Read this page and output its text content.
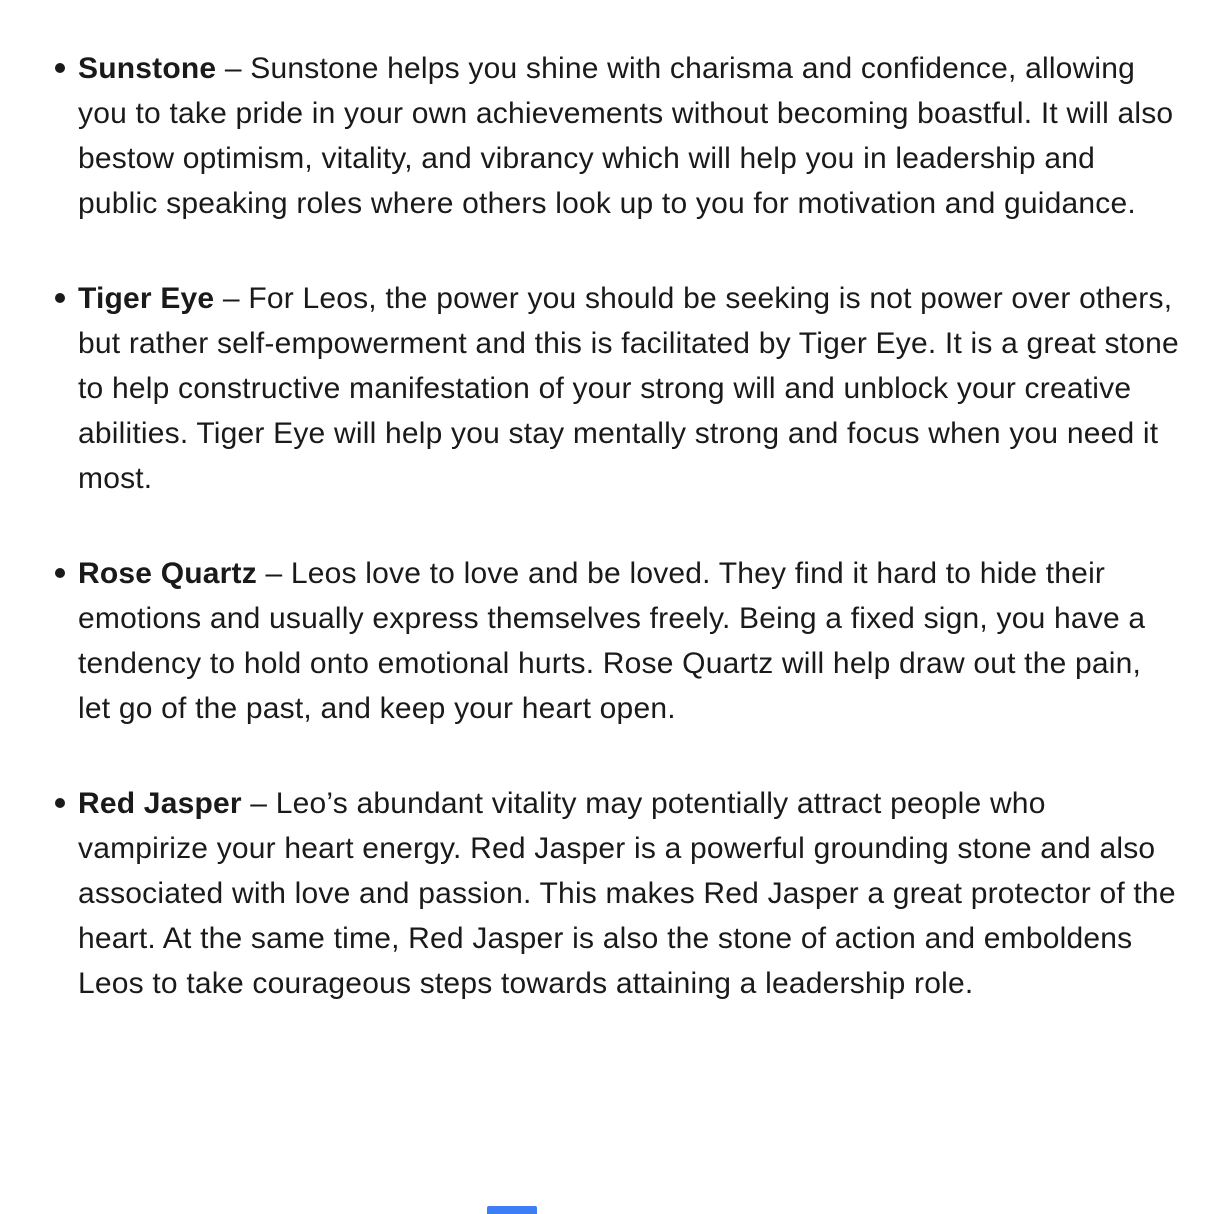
Sunstone – Sunstone helps you shine with charisma and confidence, allowing you to take pride in your own achievements without becoming boastful. It will also bestow optimism, vitality, and vibrancy which will help you in leadership and public speaking roles where others look up to you for motivation and guidance.
Tiger Eye – For Leos, the power you should be seeking is not power over others, but rather self-empowerment and this is facilitated by Tiger Eye. It is a great stone to help constructive manifestation of your strong will and unblock your creative abilities. Tiger Eye will help you stay mentally strong and focus when you need it most.
Rose Quartz – Leos love to love and be loved. They find it hard to hide their emotions and usually express themselves freely. Being a fixed sign, you have a tendency to hold onto emotional hurts. Rose Quartz will help draw out the pain, let go of the past, and keep your heart open.
Red Jasper – Leo’s abundant vitality may potentially attract people who vampirize your heart energy. Red Jasper is a powerful grounding stone and also associated with love and passion. This makes Red Jasper a great protector of the heart. At the same time, Red Jasper is also the stone of action and emboldens Leos to take courageous steps towards attaining a leadership role.
